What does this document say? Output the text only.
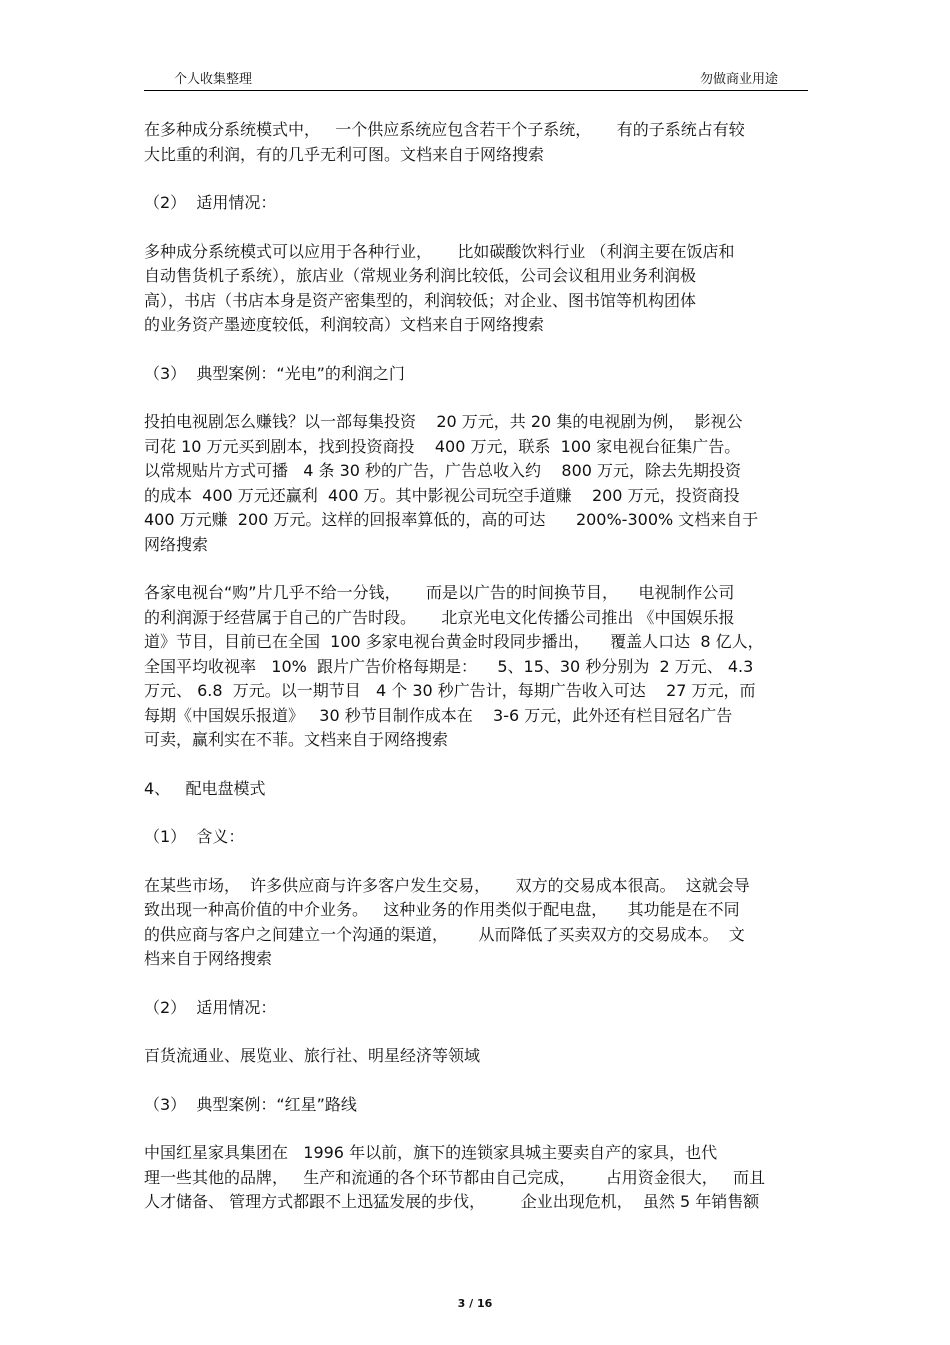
个人收集整理	勿做商业用途
在多种成分系统模式中，   一个供应系统应包含若干个子系统，     有的子系统占有较
大比重的利润，有的几乎无利可图。文档来自于网络搜索
（2）  适用情况：
多种成分系统模式可以应用于各种行业，     比如碳酸饮料行业 （利润主要在饭店和
自动售货机子系统），旅店业（常规业务利润比较低，公司会议租用业务利润极
高），书店（书店本身是资产密集型的，利润较低；对企业、图书馆等机构团体
的业务资产墨迹度较低，利润较高）文档来自于网络搜索
（3）  典型案例：“光电”的利润之门
投拍电视剧怎么赚钱？以一部每集投资    20 万元，共 20 集的电视剧为例，  影视公
司花 10 万元买到剧本，找到投资商投    400 万元，联系  100 家电视台征集广告。
以常规贴片方式可播   4 条 30 秒的广告，广告总收入约    800 万元，除去先期投资
的成本  400 万元还赢利  400 万。其中影视公司玩空手道赚    200 万元，投资商投
400 万元赚  200 万元。这样的回报率算低的，高的可达      200%-300% 文档来自于
网络搜索
各家电视台“购”片几乎不给一分钱，     而是以广告的时间换节目，    电视制作公司
的利润源于经营属于自己的广告时段。     北京光电文化传播公司推出 《中国娱乐报
道》节目，目前已在全国  100 多家电视台黄金时段同步播出，    覆盖人口达  8 亿人，
全国平均收视率   10%  跟片广告价格每期是：    5、15、30 秒分别为  2 万元、 4.3
万元、 6.8  万元。以一期节目   4 个 30 秒广告计，每期广告收入可达    27 万元，而
每期《中国娱乐报道》   30 秒节目制作成本在    3-6 万元，此外还有栏目冠名广告
可卖，赢利实在不菲。文档来自于网络搜索
4、   配电盘模式
（1）  含义：
在某些市场，  许多供应商与许多客户发生交易，     双方的交易成本很高。  这就会导
致出现一种高价值的中介业务。   这种业务的作用类似于配电盘，    其功能是在不同
的供应商与客户之间建立一个沟通的渠道，      从而降低了买卖双方的交易成本。  文
档来自于网络搜索
（2）  适用情况：
百货流通业、展览业、旅行社、明星经济等领域
（3）  典型案例：“红星”路线
中国红星家具集团在   1996 年以前，旗下的连锁家具城主要卖自产的家具，也代
理一些其他的品牌，   生产和流通的各个环节都由自己完成，      占用资金很大，   而且
人才储备、 管理方式都跟不上迅猛发展的步伐，       企业出现危机，  虽然 5 年销售额
3 / 16
